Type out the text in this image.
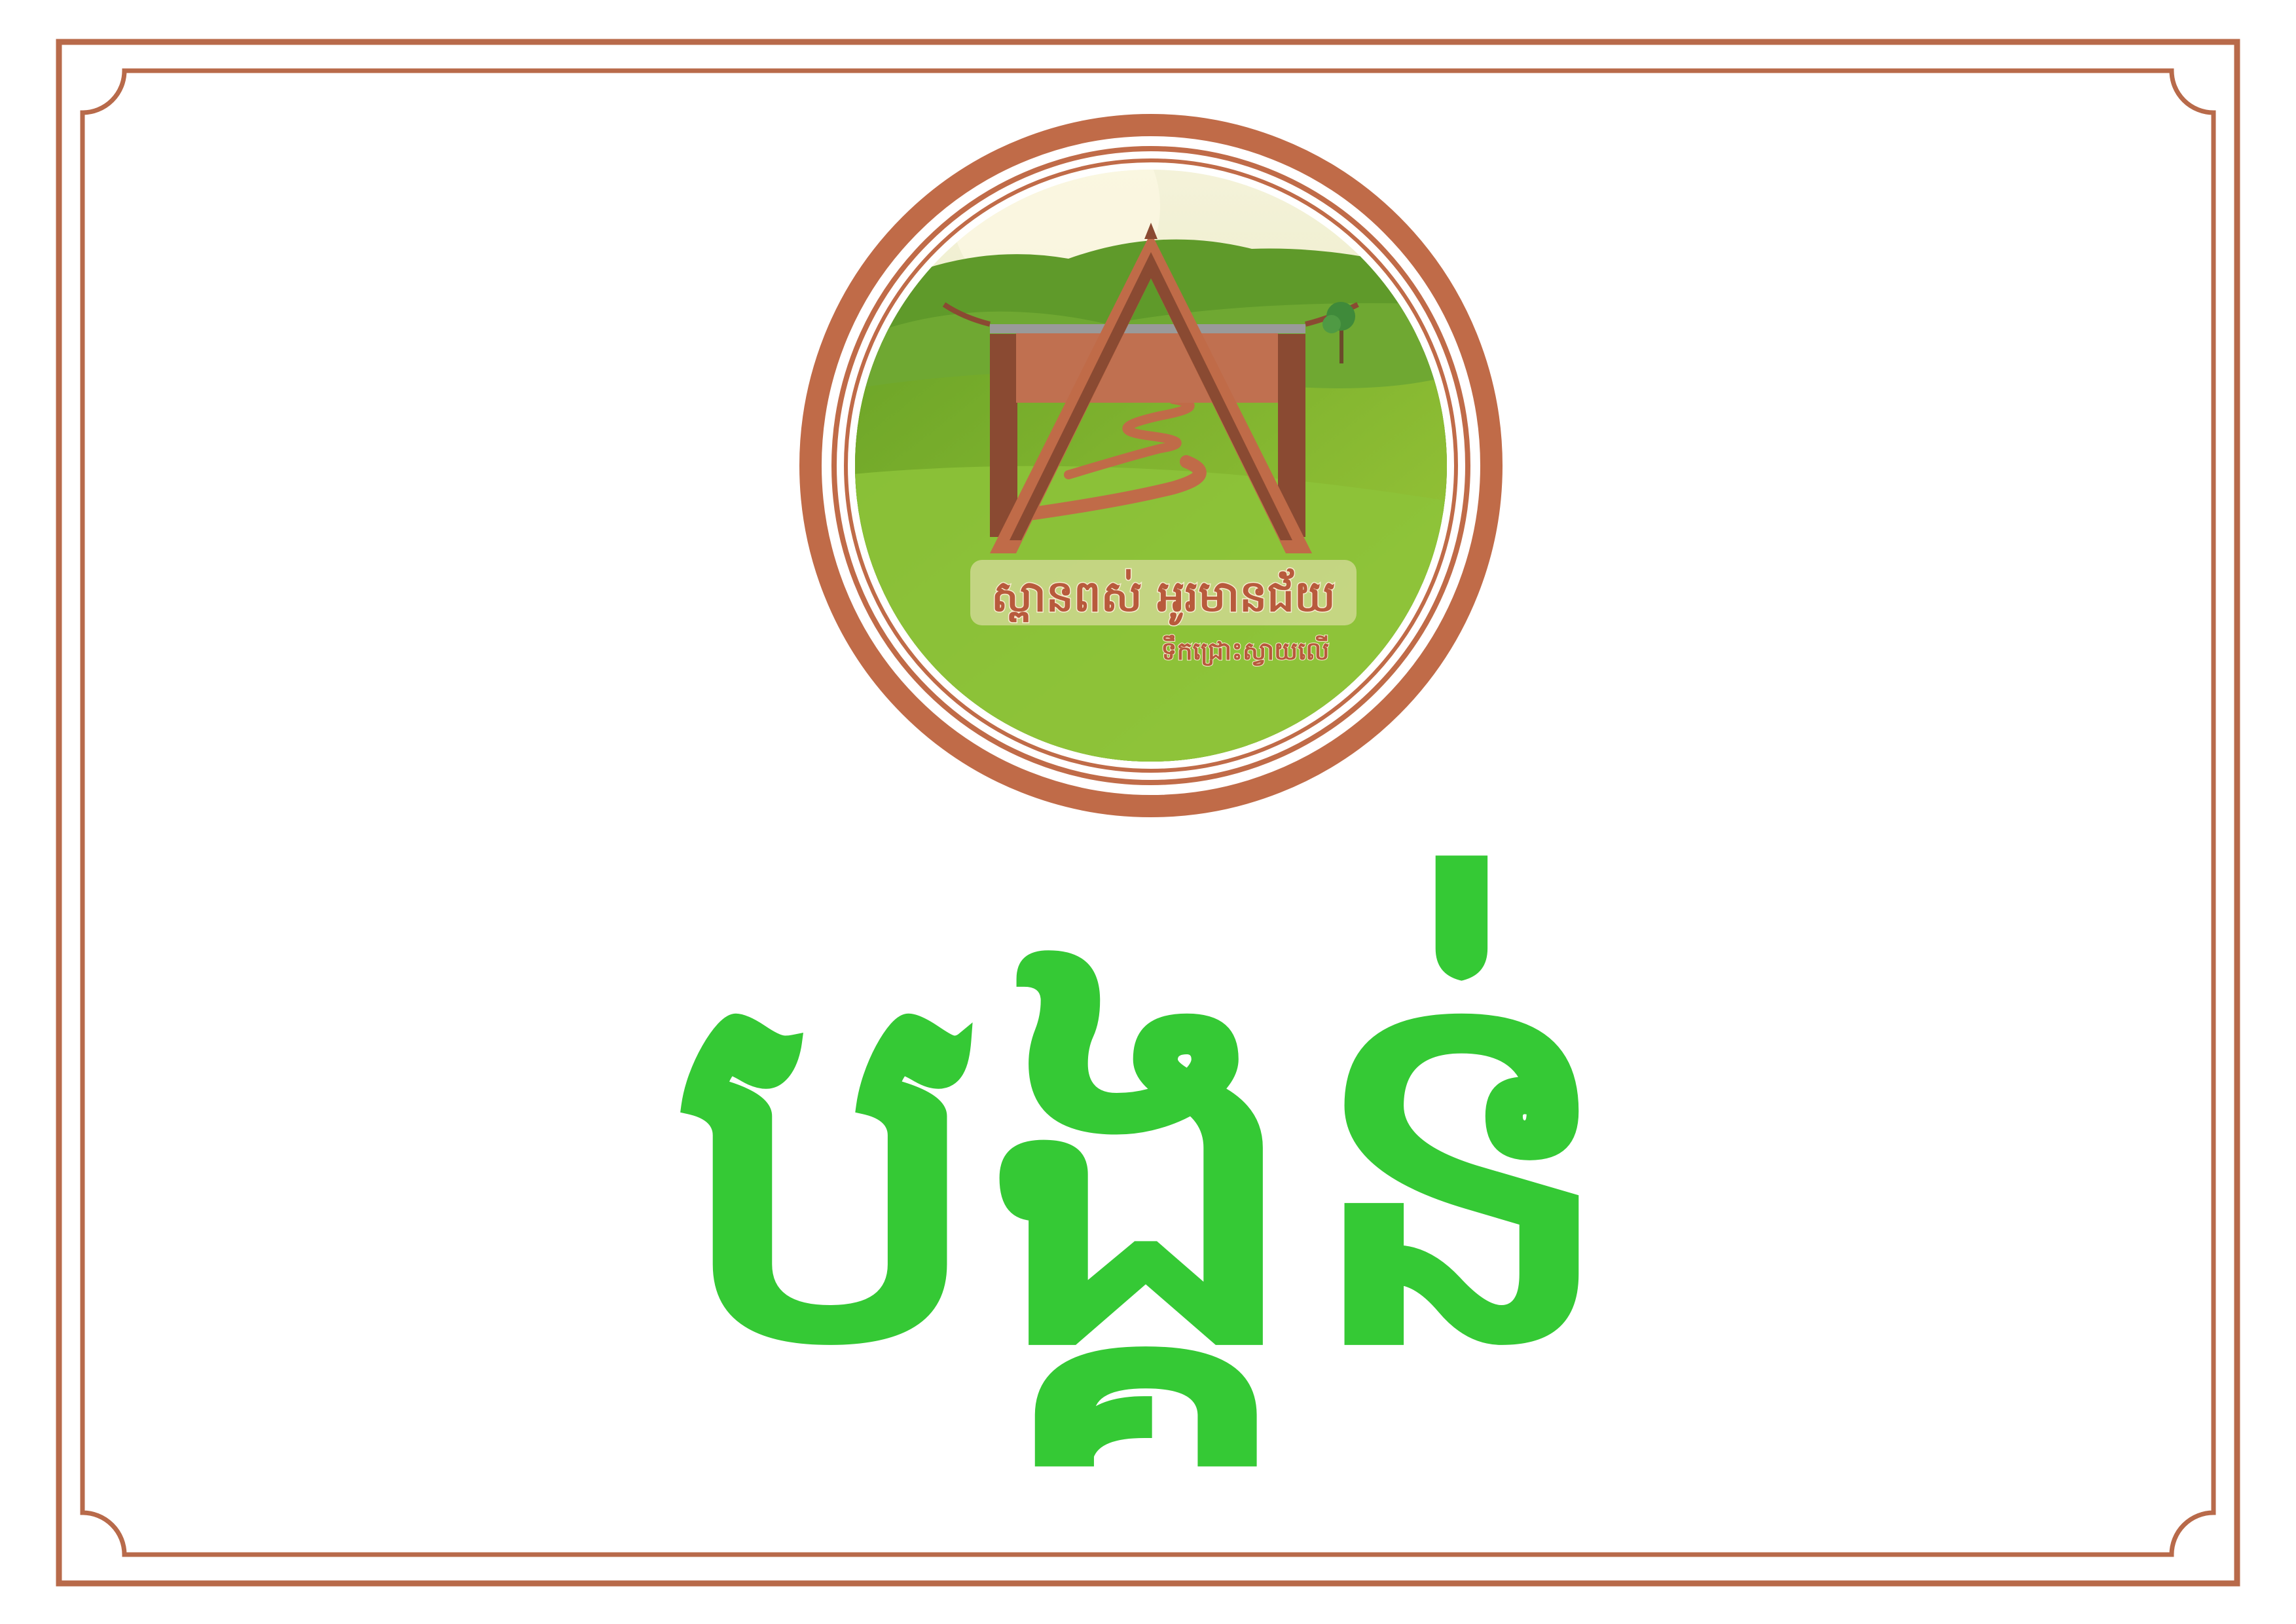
ស្ពានពស់ អូរមានជ័យ
ទឹកជ្រោះស្វាយលើ
បង្គន់
